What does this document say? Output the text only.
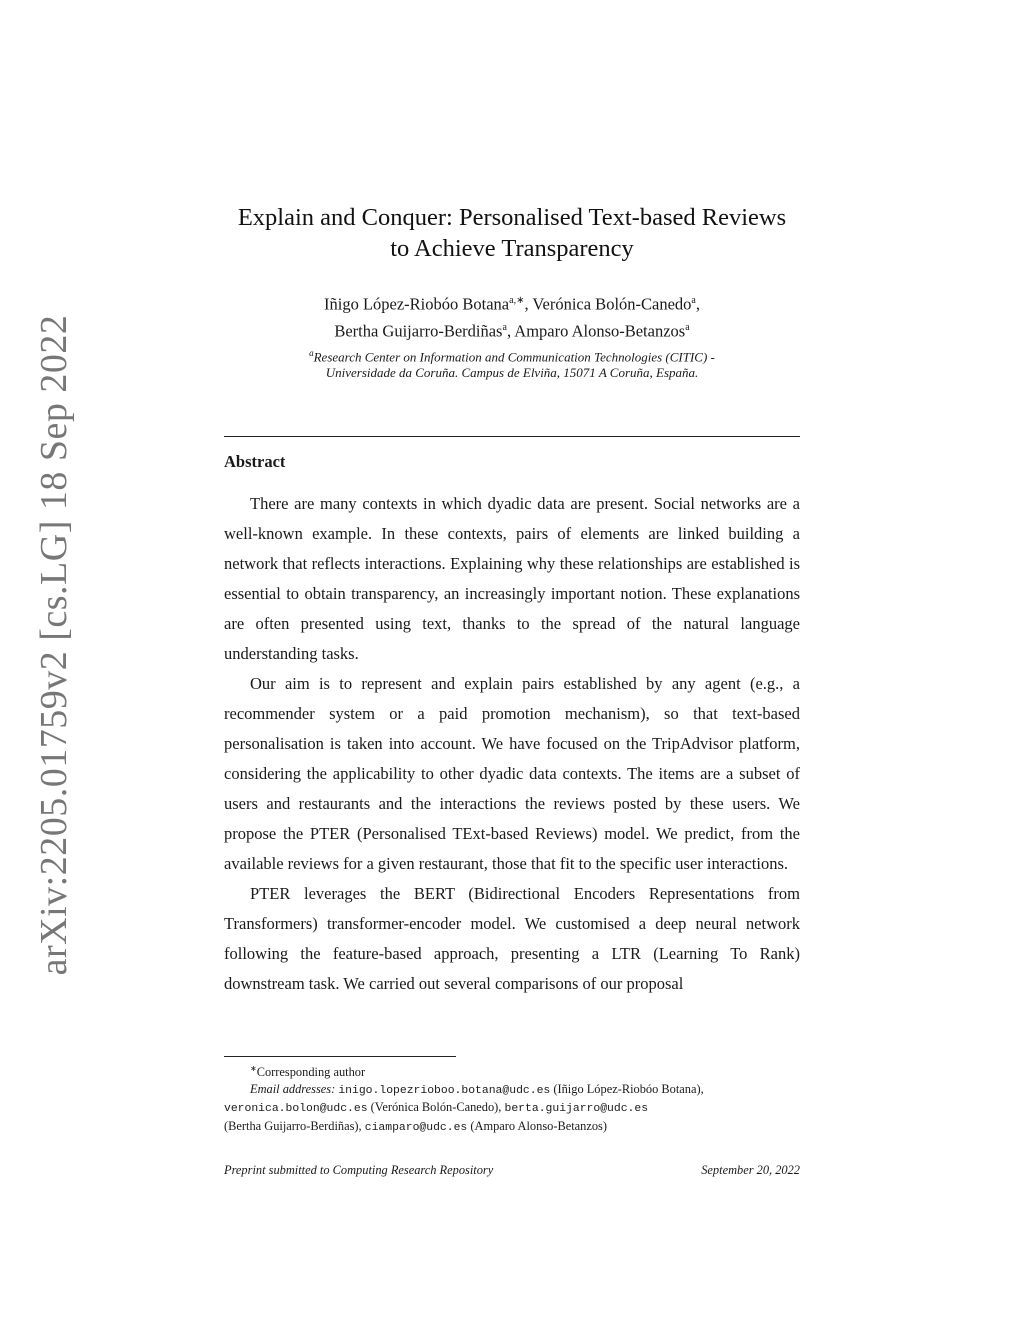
arXiv:2205.01759v2 [cs.LG] 18 Sep 2022
Explain and Conquer: Personalised Text-based Reviews
to Achieve Transparency
Iñigo López-Riobóo Botana$^{a,∗}$, Verónica Bolón-Canedo$^a$,
Bertha Guijarro-Berdiñas$^a$, Amparo Alonso-Betanzos$^a$
$^a$Research Center on Information and Communication Technologies (CITIC) -
Universidade da Coruña. Campus de Elviña, 15071 A Coruña, España.
Abstract

There are many contexts in which dyadic data are present. Social networks are a well-known example. In these contexts, pairs of elements are linked building a network that reflects interactions. Explaining why these relationships are established is essential to obtain transparency, an increasingly important notion. These explanations are often presented using text, thanks to the spread of the natural language understanding tasks.

Our aim is to represent and explain pairs established by any agent (e.g., a recommender system or a paid promotion mechanism), so that text-based personalisation is taken into account. We have focused on the TripAdvisor platform, considering the applicability to other dyadic data contexts. The items are a subset of users and restaurants and the interactions the reviews posted by these users. We propose the PTER (Personalised TExt-based Reviews) model. We predict, from the available reviews for a given restaurant, those that fit to the specific user interactions.

PTER leverages the BERT (Bidirectional Encoders Representations from Transformers) transformer-encoder model. We customised a deep neural network following the feature-based approach, presenting a LTR (Learning To Rank) downstream task. We carried out several comparisons of our proposal

∗Corresponding author
Email addresses: inigo.lopezrioboo.botana@udc.es (Iñigo López-Riobóo Botana),
veronica.bolon@udc.es (Verónica Bolón-Canedo), berta.guijarro@udc.es
(Bertha Guijarro-Berdiñas), ciamparo@udc.es (Amparo Alonso-Betanzos)
Preprint submitted to Computing Research Repository	September 20, 2022
